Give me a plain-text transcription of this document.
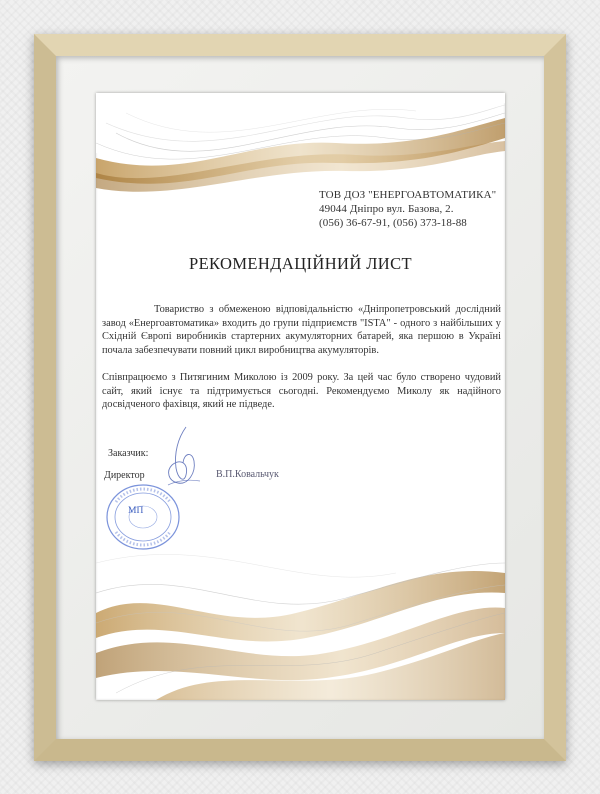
ТОВ ДОЗ "ЕНЕРГОАВТОМАТИКА"
49044 Дніпро вул. Базова, 2.
(056) 36-67-91, (056) 373-18-88
РЕКОМЕНДАЦІЙНИЙ ЛИСТ
Товариство з обмеженою відповідальністю «Дніпропетровський дослідний завод «Енергоавтоматика» входить до групи підприємств "ISTA" - одного з найбільших у Східній Європі виробників стартерних акумуляторних батарей, яка першою в Україні почала забезпечувати повний цикл виробництва акумуляторів.
Співпрацюємо з Питягиним Миколою із 2009 року. За цей час було створено чудовий сайт, який існує та підтримується сьогодні. Рекомендуємо Миколу як надійного досвідченого фахівця, який не підведе.
Заказчик:
Директор	В.П.Ковальчук
МП
